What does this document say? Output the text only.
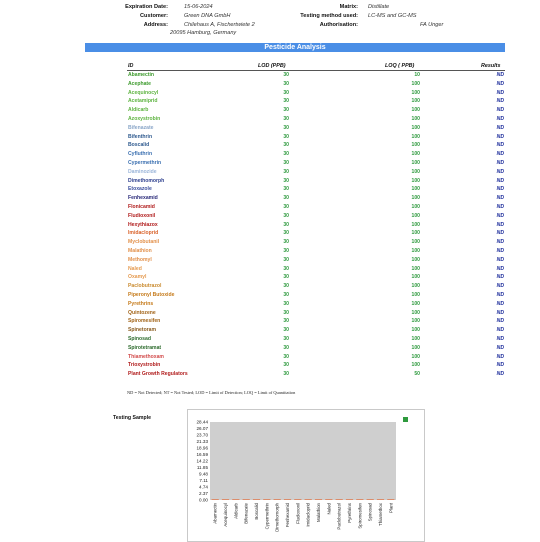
Expiration Date:	15-06-2024
Customer:	Green DNA GmbH
Address:	Chilehaus A, Fischertwiete 2
20095 Hamburg, Germany
Matrix: Distillate
Testing method used: LC-MS and GC-MS
Authorisation:	FA Unger
Pesticide Analysis
ID	LOD (PPB)	LOQ ( PPB)	Results
Abamectin	30	10	ND
Acephate	30	100	ND
Acequinocyl	30	100	ND
Acetamiprid	30	100	ND
Aldicarb	30	100	ND
Azoxystrobin	30	100	ND
Bifenazate	30	100	ND
Bifenthrin	30	100	ND
Boscalid	30	100	ND
Cyfluthrin	30	100	ND
Cypermethrin	30	100	ND
Daminozide	30	100	ND
Dimethomorph	30	100	ND
Etoxazole	30	100	ND
Fenhexamid	30	100	ND
Flonicamid	30	100	ND
Fludioxonil	30	100	ND
Hexythiazox	30	100	ND
Imidacloprid	30	100	ND
Myclobutanil	30	100	ND
Malathion	30	100	ND
Methomyl	30	100	ND
Naled	30	100	ND
Oxamyl	30	100	ND
Paclobutrazol	30	100	ND
Piperonyl Butoxide	30	100	ND
Pyrethrins	30	100	ND
Quintozene	30	100	ND
Spiromesifen	30	100	ND
Spinetoram	30	100	ND
Spinosad	30	100	ND
Spirotetramat	30	100	ND
Thiamethoxam	30	100	ND
Trioxystrobin	30	100	ND
Plant Growth Regulators	30	50	ND
ND = Not Detected; NT = Not Tested; LOD = Limit of Detection; LOQ = Limit of Quantitation
Testing Sample
28.44
26.07
23.70
21.33
18.96
16.59
14.22
11.85
9.48
7.11
4.74
2.37
0.00
Abamectin Acequinocyl Aldicarb Bifenazate Boscalid Cypermethrin Dimethomorph Fenhexamid Fludioxonil Imidacloprid Malathion Naled Paclobutrazol Pyrethrins Spiromesifen Spinosad Thiamethox Plant
